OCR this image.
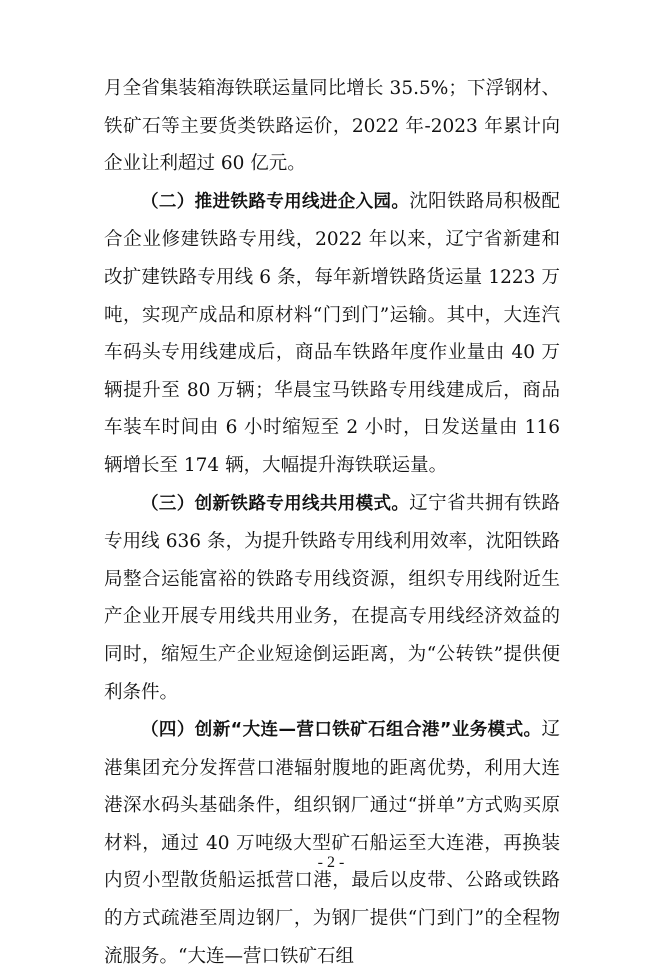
月全省集装箱海铁联运量同比增长 35.5%；下浮钢材、铁矿石等主要货类铁路运价，2022 年-2023 年累计向企业让利超过 60 亿元。

（二）推进铁路专用线进企入园。沈阳铁路局积极配合企业修建铁路专用线，2022 年以来，辽宁省新建和改扩建铁路专用线 6 条，每年新增铁路货运量 1223 万吨，实现产成品和原材料“门到门”运输。其中，大连汽车码头专用线建成后，商品车铁路年度作业量由 40 万辆提升至 80 万辆；华晨宝马铁路专用线建成后，商品车装车时间由 6 小时缩短至 2 小时，日发送量由 116 辆增长至 174 辆，大幅提升海铁联运量。

（三）创新铁路专用线共用模式。辽宁省共拥有铁路专用线 636 条，为提升铁路专用线利用效率，沈阳铁路局整合运能富裕的铁路专用线资源，组织专用线附近生产企业开展专用线共用业务，在提高专用线经济效益的同时，缩短生产企业短途倒运距离，为“公转铁”提供便利条件。

（四）创新“大连—营口铁矿石组合港”业务模式。辽港集团充分发挥营口港辐射腹地的距离优势，利用大连港深水码头基础条件，组织钢厂通过“拼单”方式购买原材料，通过 40 万吨级大型矿石船运至大连港，再换装内贸小型散货船运抵营口港，最后以皮带、公路或铁路的方式疏港至周边钢厂，为钢厂提供“门到门”的全程物流服务。“大连—营口铁矿石组

- 2 -
